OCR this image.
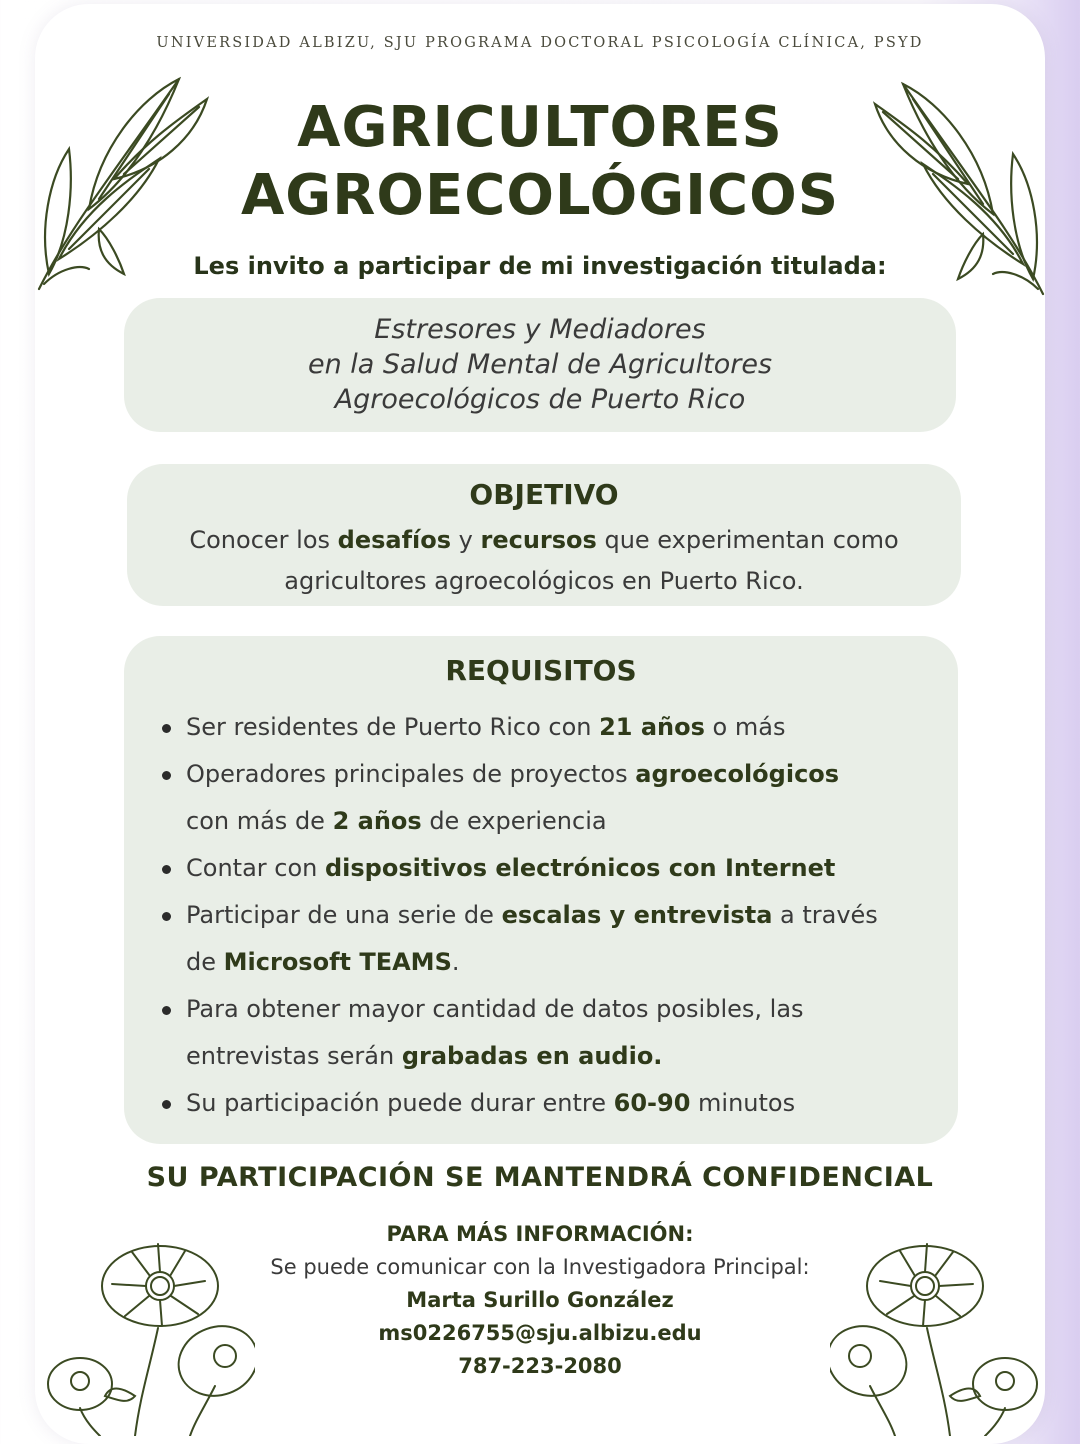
UNIVERSIDAD ALBIZU, SJU PROGRAMA DOCTORAL PSICOLOGÍA CLÍNICA, PSYD
AGRICULTORES
AGROECOLÓGICOS
Les invito a participar de mi investigación titulada:
Estresores y Mediadores
en la Salud Mental de Agricultores
Agroecológicos de Puerto Rico
OBJETIVO
Conocer los desafíos y recursos que experimentan como
agricultores agroecológicos en Puerto Rico.
REQUISITOS
Ser residentes de Puerto Rico con 21 años o más
Operadores principales de proyectos agroecológicos
con más de 2 años de experiencia
Contar con dispositivos electrónicos con Internet
Participar de una serie de escalas y entrevista a través
de Microsoft TEAMS.
Para obtener mayor cantidad de datos posibles, las
entrevistas serán grabadas en audio.
Su participación puede durar entre 60-90 minutos
SU PARTICIPACIÓN SE MANTENDRÁ CONFIDENCIAL
PARA MÁS INFORMACIÓN:
Se puede comunicar con la Investigadora Principal:
Marta Surillo González
ms0226755@sju.albizu.edu
787-223-2080
